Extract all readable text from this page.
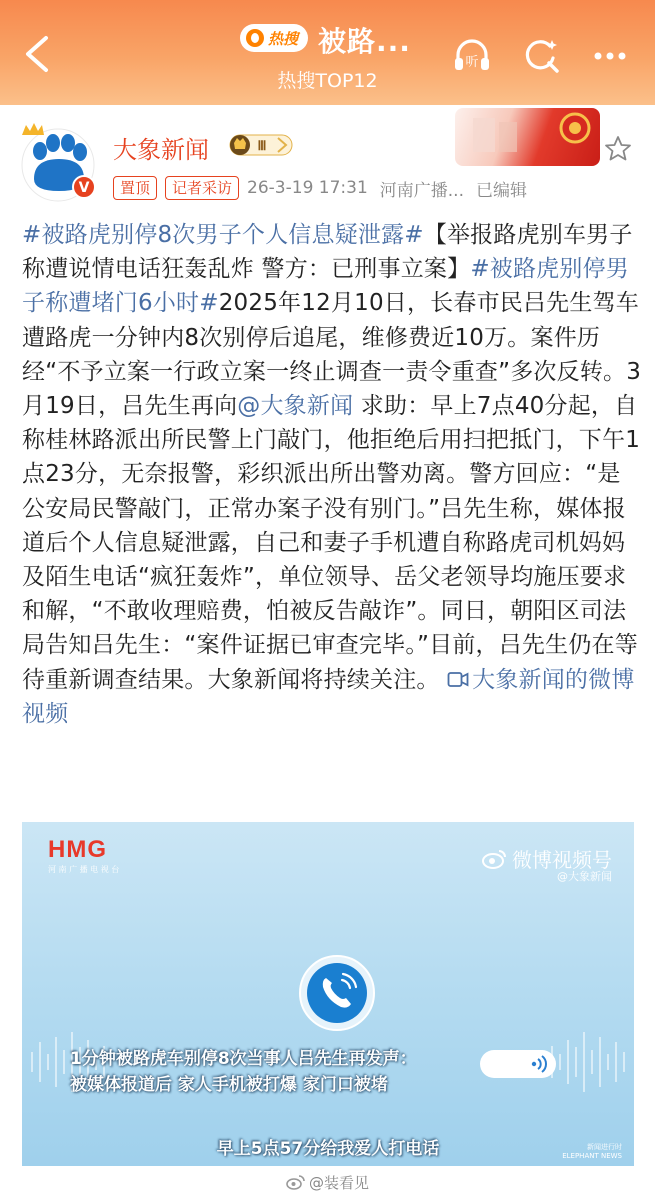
热搜 被路...
热搜TOP12
听
V
大象新闻	Ⅲ
置顶	记者采访 26-3-19 17:31 河南广播... 已编辑
#被路虎别停8次男子个人信息疑泄露#【举报路虎别车男子称遭说情电话狂轰乱炸 警方：已刑事立案】#被路虎别停男子称遭堵门6小时#2025年12月10日，长春市民吕先生驾车遭路虎一分钟内8次别停后追尾，维修费近10万。案件历经“不予立案一行政立案一终止调查一责令重查”多次反转。3月19日，吕先生再向@大象新闻 求助：早上7点40分起，自称桂林路派出所民警上门敲门，他拒绝后用扫把抵门，下午1点23分，无奈报警，彩织派出所出警劝离。警方回应：“是公安局民警敲门，正常办案子没有别门。”吕先生称，媒体报道后个人信息疑泄露，自己和妻子手机遭自称路虎司机妈妈及陌生电话“疯狂轰炸”，单位领导、岳父老领导均施压要求和解，“不敢收理赔费，怕被反告敲诈”。同日，朝阳区司法局告知吕先生：“案件证据已审查完毕。”目前，吕先生仍在等待重新调查结果。大象新闻将持续关注。 大象新闻的微博视频
HMG
河 南 广 播 电 视 台	微博视频号
@大象新闻
1分钟被路虎车别停8次当事人吕先生再发声：
被媒体报道后 家人手机被打爆 家门口被堵
早上5点57分给我爱人打电话	新闻进行时
ELEPHANT NEWS
@装看见
